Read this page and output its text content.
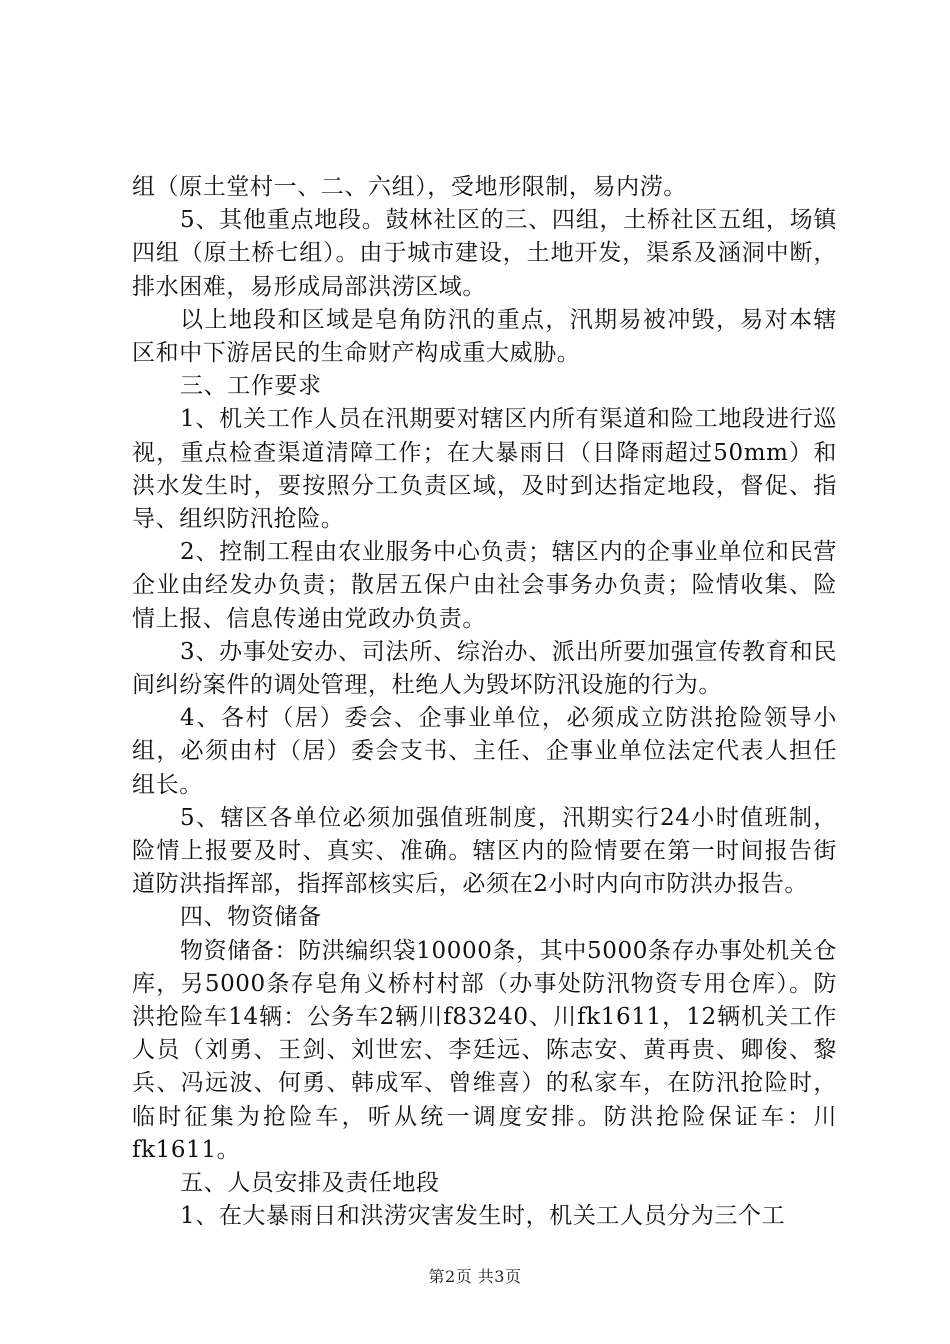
组（原土堂村一、二、六组），受地形限制，易内涝。

5、其他重点地段。鼓林社区的三、四组，土桥社区五组，场镇四组（原土桥七组）。由于城市建设，土地开发，渠系及涵洞中断，排水困难，易形成局部洪涝区域。

以上地段和区域是皂角防汛的重点，汛期易被冲毁，易对本辖区和中下游居民的生命财产构成重大威胁。

三、工作要求

1、机关工作人员在汛期要对辖区内所有渠道和险工地段进行巡视，重点检查渠道清障工作；在大暴雨日（日降雨超过50mm）和洪水发生时，要按照分工负责区域，及时到达指定地段，督促、指导、组织防汛抢险。

2、控制工程由农业服务中心负责；辖区内的企事业单位和民营企业由经发办负责；散居五保户由社会事务办负责；险情收集、险情上报、信息传递由党政办负责。

3、办事处安办、司法所、综治办、派出所要加强宣传教育和民间纠纷案件的调处管理，杜绝人为毁坏防汛设施的行为。

4、各村（居）委会、企事业单位，必须成立防洪抢险领导小组，必须由村（居）委会支书、主任、企事业单位法定代表人担任组长。

5、辖区各单位必须加强值班制度，汛期实行24小时值班制，险情上报要及时、真实、准确。辖区内的险情要在第一时间报告街道防洪指挥部，指挥部核实后，必须在2小时内向市防洪办报告。

四、物资储备

物资储备：防洪编织袋10000条，其中5000条存办事处机关仓库，另5000条存皂角义桥村村部（办事处防汛物资专用仓库）。防洪抢险车14辆：公务车2辆川f83240、川fk1611，12辆机关工作人员（刘勇、王剑、刘世宏、李廷远、陈志安、黄再贵、卿俊、黎兵、冯远波、何勇、韩成军、曾维喜）的私家车，在防汛抢险时，临时征集为抢险车，听从统一调度安排。防洪抢险保证车：川fk1611。

五、人员安排及责任地段

1、在大暴雨日和洪涝灾害发生时，机关工人员分为三个工

第2页 共3页
